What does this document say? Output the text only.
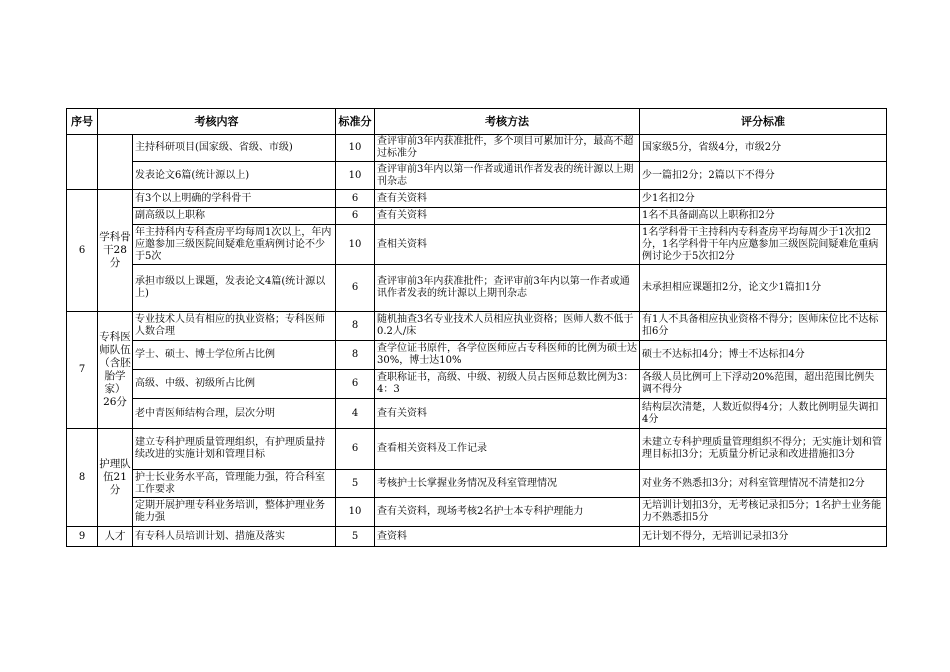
序号	考核内容		标准分	考核方法	评分标准
		主持科研项目(国家级、省级、市级)	10	查评审前3年内获准批件，多个项目可累加计分，最高不超过标准分	国家级5分，省级4分，市级2分
		发表论文6篇(统计源以上)	10	查评审前3年内以第一作者或通讯作者发表的统计源以上期刊杂志	少一篇扣2分；2篇以下不得分
6	学科骨干28分	有3个以上明确的学科骨干	6	查有关资料	少1名扣2分
		副高级以上职称	6	查有关资料	1名不具备副高以上职称扣2分
		年主持科内专科查房平均每周1次以上，年内应邀参加三级医院间疑难危重病例讨论不少于5次	10	查相关资料	1名学科骨干主持科内专科查房平均每周少于1次扣2分，1名学科骨干年内应邀参加三级医院间疑难危重病例讨论少于5次扣2分
		承担市级以上课题，发表论文4篇(统计源以上)	6	查评审前3年内获准批件；查评审前3年内以第一作者或通讯作者发表的统计源以上期刊杂志	未承担相应课题扣2分，论文少1篇扣1分
7	专科医师队伍（含胚胎学家）26分	专业技术人员有相应的执业资格；专科医师人数合理	8	随机抽查3名专业技术人员相应执业资格；医师人数不低于0.2人/床	有1人不具备相应执业资格不得分；医师床位比不达标扣6分
		学士、硕士、博士学位所占比例	8	查学位证书原件，各学位医师应占专科医师的比例为硕士达30%，博士达10%	硕士不达标扣4分；博士不达标扣4分
		高级、中级、初级所占比例	6	查职称证书，高级、中级、初级人员占医师总数比例为3：4：3	各级人员比例可上下浮动20%范围，超出范围比例失调不得分
		老中青医师结构合理，层次分明	4	查有关资料	结构层次清楚，人数近似得4分；人数比例明显失调扣4分
8	护理队伍21分	建立专科护理质量管理组织，有护理质量持续改进的实施计划和管理目标	6	查看相关资料及工作记录	未建立专科护理质量管理组织不得分；无实施计划和管理目标扣3分；无质量分析记录和改进措施扣3分
		护士长业务水平高，管理能力强，符合科室工作要求	5	考核护士长掌握业务情况及科室管理情况	对业务不熟悉扣3分；对科室管理情况不清楚扣2分
		定期开展护理专科业务培训，整体护理业务能力强	10	查有关资料，现场考核2名护士本专科护理能力	无培训计划扣3分，无考核记录扣5分；1名护士业务能力不熟悉扣5分
9	人才	有专科人员培训计划、措施及落实	5	查资料	无计划不得分，无培训记录扣3分
